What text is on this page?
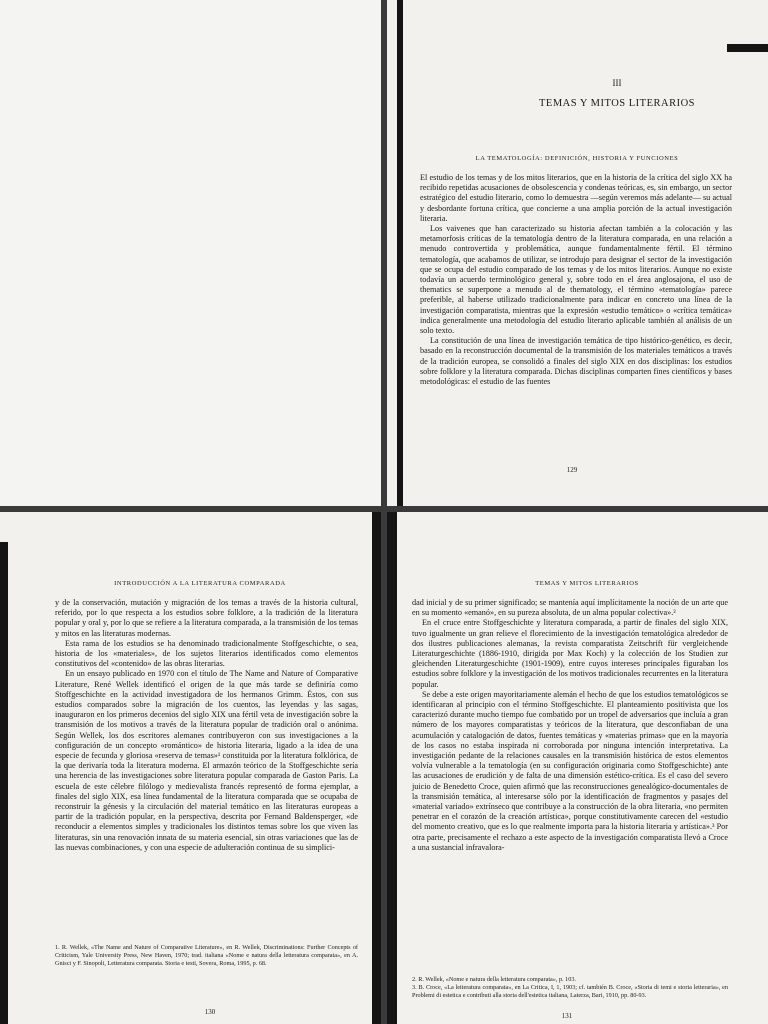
III
TEMAS Y MITOS LITERARIOS
LA TEMATOLOGÍA: DEFINICIÓN, HISTORIA Y FUNCIONES

El estudio de los temas y de los mitos literarios, que en la historia de la crítica del siglo XX ha recibido repetidas acusaciones de obsolescencia y condenas teóricas, es, sin embargo, un sector estratégico del estudio literario, como lo demuestra —según veremos más adelante— su actual y desbordante fortuna crítica, que concierne a una amplia porción de la actual investigación literaria.

Los vaivenes que han caracterizado su historia afectan también a la colocación y las metamorfosis críticas de la tematología dentro de la literatura comparada, en una relación a menudo controvertida y problemática, aunque fundamentalmente fértil. El término tematología, que acabamos de utilizar, se introdujo para designar el sector de la investigación que se ocupa del estudio comparado de los temas y de los mitos literarios. Aunque no existe todavía un acuerdo terminológico general y, sobre todo en el área anglosajona, el uso de thematics se superpone a menudo al de thematology, el término «tematología» parece preferible, al haberse utilizado tradicionalmente para indicar en concreto una línea de la investigación comparatista, mientras que la expresión «estudio temático» o «crítica temática» indica generalmente una metodología del estudio literario aplicable también al análisis de un solo texto.

La constitución de una línea de investigación temática de tipo histórico-genético, es decir, basado en la reconstrucción documental de la transmisión de los materiales temáticos a través de la tradición europea, se consolidó a finales del siglo XIX en dos disciplinas: los estudios sobre folklore y la literatura comparada. Dichas disciplinas comparten fines científicos y bases metodológicas: el estudio de las fuentes

129
INTRODUCCIÓN A LA LITERATURA COMPARADA

y de la conservación, mutación y migración de los temas a través de la historia cultural, referido, por lo que respecta a los estudios sobre folklore, a la tradición de la literatura popular y oral y, por lo que se refiere a la literatura comparada, a la transmisión de los temas y mitos en las literaturas modernas.

Esta rama de los estudios se ha denominado tradicionalmente Stoffgeschichte, o sea, historia de los «materiales», de los sujetos literarios identificados como elementos constitutivos del «contenido» de las obras literarias.

En un ensayo publicado en 1970 con el título de The Name and Nature of Comparative Literature, René Wellek identificó el origen de la que más tarde se definiría como Stoffgeschichte en la actividad investigadora de los hermanos Grimm. Éstos, con sus estudios comparados sobre la migración de los cuentos, las leyendas y las sagas, inauguraron en los primeros decenios del siglo XIX una fértil veta de investigación sobre la transmisión de los motivos a través de la literatura popular de tradición oral o anónima. Según Wellek, los dos escritores alemanes contribuyeron con sus investigaciones a la configuración de un concepto «romántico» de historia literaria, ligado a la idea de una especie de fecunda y gloriosa «reserva de temas»¹ constituida por la literatura folklórica, de la que derivaría toda la literatura moderna. El armazón teórico de la Stoffgeschichte sería una herencia de las investigaciones sobre literatura popular comparada de Gaston Paris. La escuela de este célebre filólogo y medievalista francés representó de forma ejemplar, a finales del siglo XIX, esa línea fundamental de la literatura comparada que se ocupaba de reconstruir la génesis y la circulación del material temático en las literaturas europeas a partir de la tradición popular, en la perspectiva, descrita por Fernand Baldensperger, «de reconducir a elementos simples y tradicionales los distintos temas sobre los que viven las literaturas, sin una renovación innata de su materia esencial, sin otras variaciones que las de las nuevas combinaciones, y con una especie de adulteración continua de su simplici-

1. R. Wellek, «The Name and Nature of Comparative Literature», en R. Wellek, Discriminations: Further Concepts of Criticism, Yale University Press, New Haven, 1970; trad. italiana «Nome e natura della letteratura comparata», en A. Gnisci y F. Sinopoli, Letteratura comparata. Storia e testi, Sovera, Roma, 1995, p. 68.

130
TEMAS Y MITOS LITERARIOS

dad inicial y de su primer significado; se mantenía aquí implícitamente la noción de un arte que en su momento «emanó», en su pureza absoluta, de un alma popular colectiva».²

En el cruce entre Stoffgeschichte y literatura comparada, a partir de finales del siglo XIX, tuvo igualmente un gran relieve el florecimiento de la investigación tematológica alrededor de dos ilustres publicaciones alemanas, la revista comparatista Zeitschrift für vergleichende Literaturgeschichte (1886-1910, dirigida por Max Koch) y la colección de los Studien zur gleichenden Literaturgeschichte (1901-1909), entre cuyos intereses principales figuraban los estudios sobre folklore y la investigación de los motivos tradicionales recurrentes en la literatura popular.

Se debe a este origen mayoritariamente alemán el hecho de que los estudios tematológicos se identificaran al principio con el término Stoffgeschichte. El planteamiento positivista que los caracterizó durante mucho tiempo fue combatido por un tropel de adversarios que incluía a gran número de los mayores comparatistas y teóricos de la literatura, que desconfiaban de una acumulación y catalogación de datos, fuentes temáticas y «materias primas» que en la mayoría de los casos no estaba inspirada ni corroborada por ninguna intención interpretativa. La investigación pedante de la relaciones causales en la transmisión histórica de estos elementos volvía vulnerable a la tematología (en su configuración originaria como Stoffgeschichte) ante las acusaciones de erudición y de falta de una dimensión estético-crítica. Es el caso del severo juicio de Benedetto Croce, quien afirmó que las reconstrucciones genealógico-documentales de la transmisión temática, al interesarse sólo por la identificación de fragmentos y pasajes del «material variado» extrínseco que contribuye a la construcción de la obra literaria, «no permiten penetrar en el corazón de la creación artística», porque constitutivamente carecen del «estudio del momento creativo, que es lo que realmente importa para la historia literaria y artística».³ Por otra parte, precisamente el rechazo a este aspecto de la investigación comparatista llevó a Croce a una sustancial infravalora-

2. R. Wellek, «Nome e natura della letteratura comparata», p. 103.

3. B. Croce, «La letteratura comparata», en La Critica, I, 1, 1903; cf. también B. Croce, «Storia di temi e storia letteraria», en Problemi di estetica e contributi alla storia dell'estetica italiana, Laterza, Bari, 1910, pp. 80-93.

131
